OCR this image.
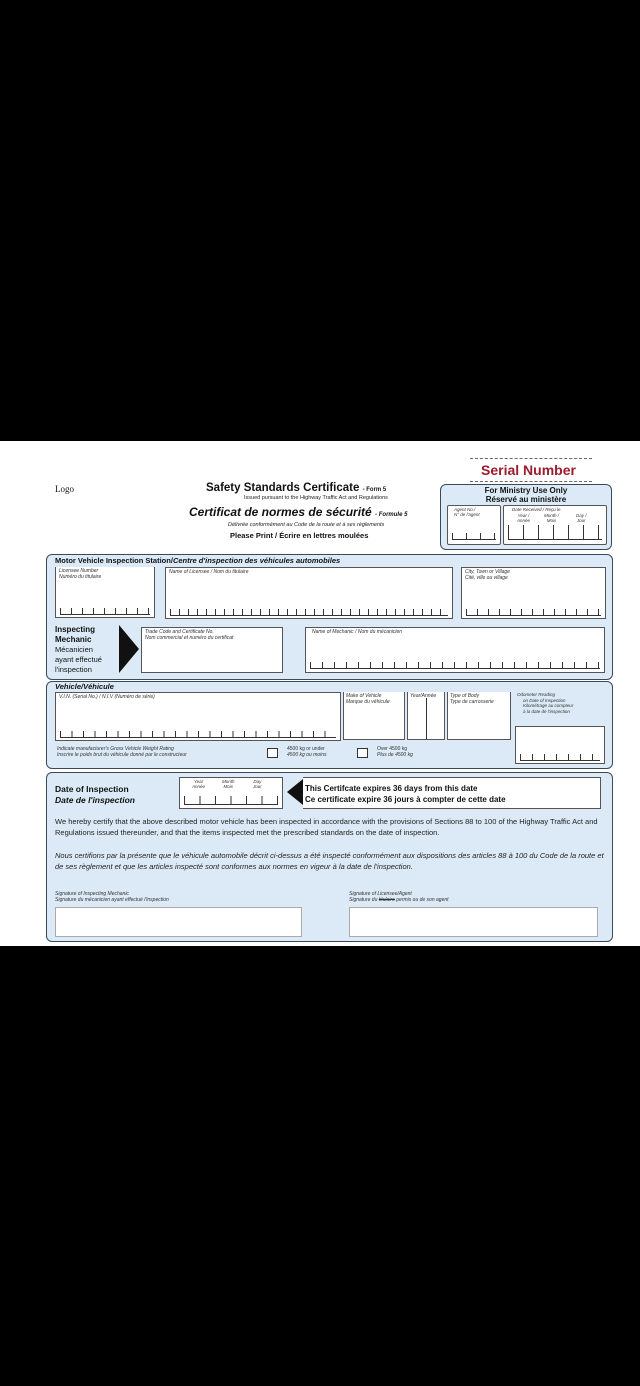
Logo	Safety Standards Certificate - Form 5
Issued pursuant to the Highway Traffic Act and Regulations
Certificat de normes de sécurité - Formule 5
Délivrée conformément au Code de la route et à ses règlements
Please Print / Écrire en lettres moulées
Serial Number
For Ministry Use Only
Réservé au ministère
Agent No./
N° de l'agent
Date Received / Reçu le
Year /
Année
Month /
Mois
Day /
Jour
Motor Vehicle Inspection Station/Centre d'inspection des véhicules automobiles
Licensee Number
Numéro du titulaire
Name of Licensee / Nom du titulaire	City, Town or Village
Cité, ville ou village
Inspecting
Mechanic
Mécanicien
ayant effectué
l'inspection
Trade Code and Certificate No.
Nom commercial et numéro du certificat
Name of Mechanic / Nom du mécanicien
Vehicle/Véhicule
V.I.N. (Serial No.) / N.I.V (Numéro de série)	Make of Vehicle
Marque du véhicule
Year/Année	Type of Body
Type de carrosserie
Odometer Reading
on Date of Inspection
Kilométrage au compteur
à la date de l'inspection
Indicate manufacturer's Gross Vehicle Weight Rating
Inscrire le poids brut du véhicule donné par le constructeur
4500 kg or under
4500 kg ou moins
Over 4500 kg
Plus de 4500 kg
Date of Inspection
Date de l'inspection
Year
Année
Month
Mois
Day
Jour	This Certifcate expires 36 days from this date
Ce certificate expire 36 jours à compter de cette date
We hereby certify that the above described motor vehicle has been inspected in accordance with the provisions of Sections 88 to 100 of the Highway Traffic Act and Regulations issued thereunder, and that the items inspected met the prescribed standards on the date of inspection.
Nous certifions par la présente que le véhicule automobile décrit ci-dessus a été inspecté conformément aux dispositions des articles 88 à 100 du Code de la route et de ses règlement et que les articles inspecté sont conformes aux normes en vigeur à la date de l'inspection.
Signature of Inspecting Mechanic
Signature du mécanicien ayant effectué l'inspection
Signature of Licensee/Agent
Signature du titulaire permis ou de son agent
